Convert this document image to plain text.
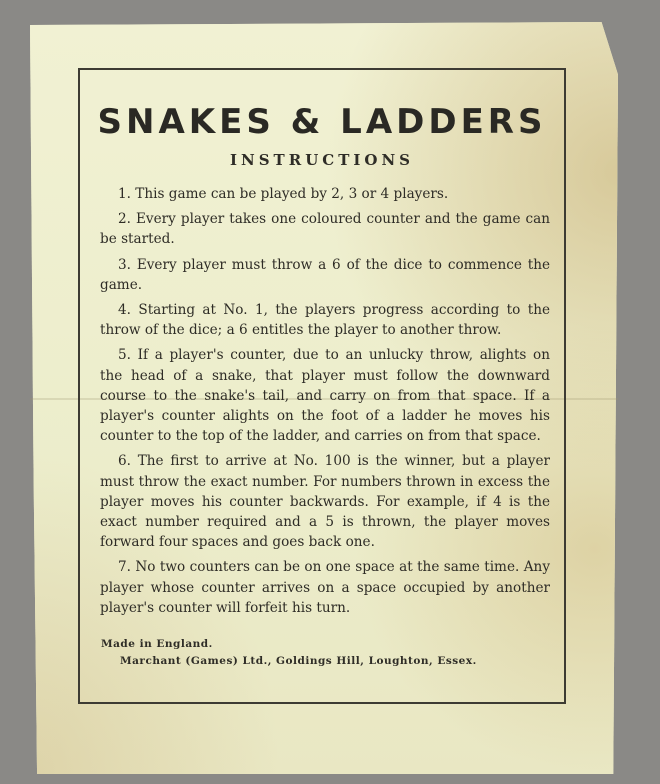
SNAKES & LADDERS
INSTRUCTIONS
1. This game can be played by 2, 3 or 4 players.
2. Every player takes one coloured counter and the game can be started.
3. Every player must throw a 6 of the dice to commence the game.
4. Starting at No. 1, the players progress according to the throw of the dice; a 6 entitles the player to another throw.
5. If a player's counter, due to an unlucky throw, alights on the head of a snake, that player must follow the downward course to the snake's tail, and carry on from that space. If a player's counter alights on the foot of a ladder he moves his counter to the top of the ladder, and carries on from that space.
6. The first to arrive at No. 100 is the winner, but a player must throw the exact number. For numbers thrown in excess the player moves his counter backwards. For example, if 4 is the exact number required and a 5 is thrown, the player moves forward four spaces and goes back one.
7. No two counters can be on one space at the same time. Any player whose counter arrives on a space occupied by another player's counter will forfeit his turn.
Made in England.
Marchant (Games) Ltd., Goldings Hill, Loughton, Essex.
